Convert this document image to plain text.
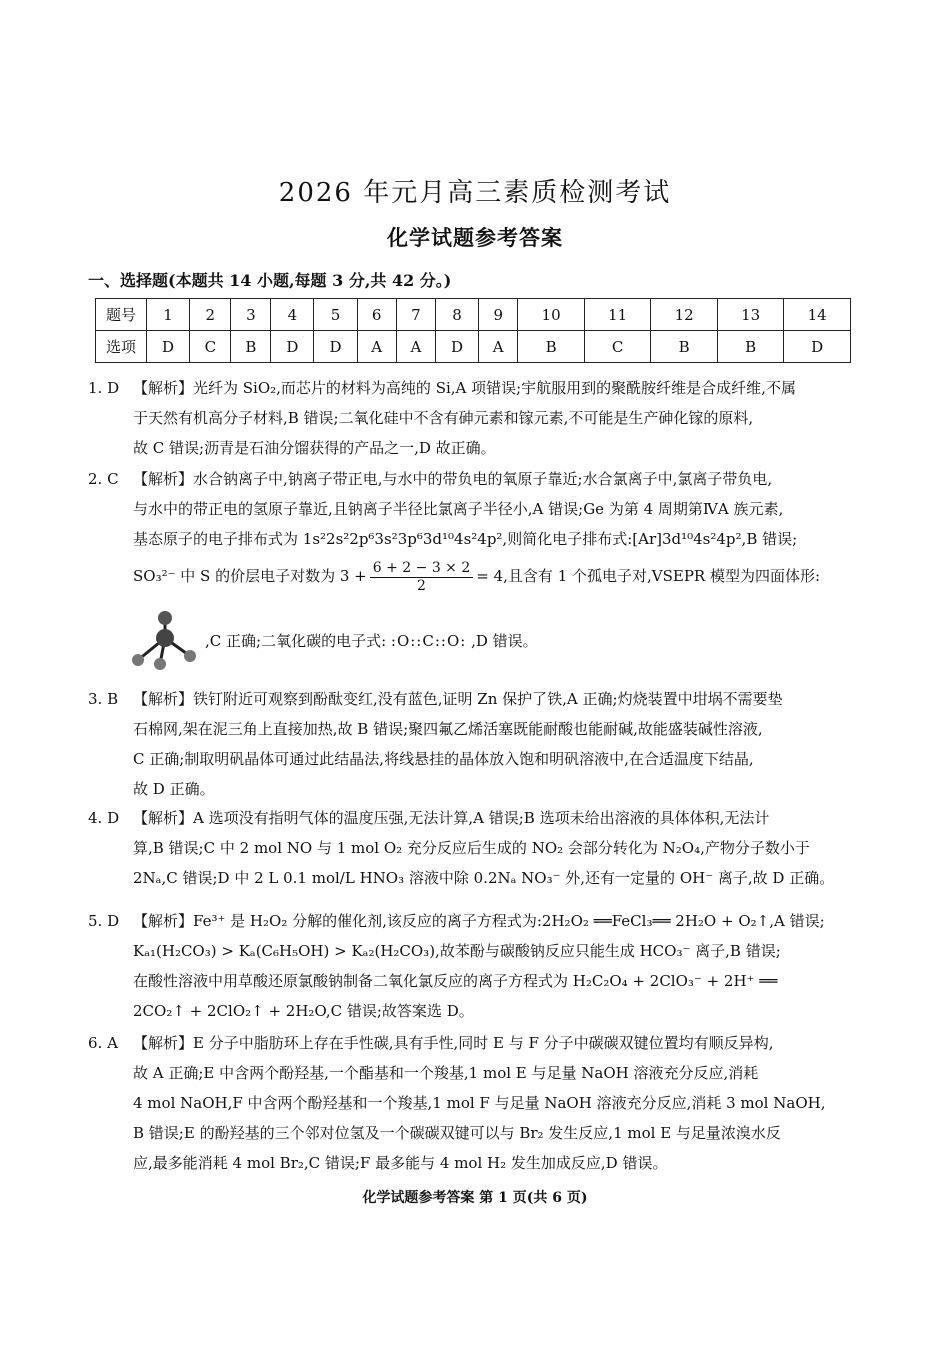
2026 年元月高三素质检测考试
化学试题参考答案
一、选择题(本题共 14 小题,每题 3 分,共 42 分。)
题号	1	2	3	4	5	6	7	8	9	10	11	12	13	14
选项	D	C	B	D	D	A	A	D	A	B	C	B	B	D
1. D 【解析】光纤为 SiO₂,而芯片的材料为高纯的 Si,A 项错误;宇航服用到的聚酰胺纤维是合成纤维,不属
于天然有机高分子材料,B 错误;二氧化硅中不含有砷元素和镓元素,不可能是生产砷化镓的原料,
故 C 错误;沥青是石油分馏获得的产品之一,D 故正确。
2. C 【解析】水合钠离子中,钠离子带正电,与水中的带负电的氧原子靠近;水合氯离子中,氯离子带负电,
与水中的带正电的氢原子靠近,且钠离子半径比氯离子半径小,A 错误;Ge 为第 4 周期第ⅣA 族元素,
基态原子的电子排布式为 1s²2s²2p⁶3s²3p⁶3d¹⁰4s²4p²,则简化电子排布式:[Ar]3d¹⁰4s²4p²,B 错误;
SO₃²⁻ 中 S 的价层电子对数为 $3 + \frac{6 + 2 - 3 \times 2}{2} = 4$,且含有 1 个孤电子对,VSEPR 模型为四面体形:
,C 正确;二氧化碳的电子式: :O::C::O: ,D 错误。
3. B 【解析】铁钉附近可观察到酚酞变红,没有蓝色,证明 Zn 保护了铁,A 正确;灼烧装置中坩埚不需要垫
石棉网,架在泥三角上直接加热,故 B 错误;聚四氟乙烯活塞既能耐酸也能耐碱,故能盛装碱性溶液,
C 正确;制取明矾晶体可通过此结晶法,将线悬挂的晶体放入饱和明矾溶液中,在合适温度下结晶,
故 D 正确。
4. D 【解析】A 选项没有指明气体的温度压强,无法计算,A 错误;B 选项未给出溶液的具体体积,无法计
算,B 错误;C 中 2 mol NO 与 1 mol O₂ 充分反应后生成的 NO₂ 会部分转化为 N₂O₄,产物分子数小于
2Nₐ,C 错误;D 中 2 L 0.1 mol/L HNO₃ 溶液中除 0.2Nₐ NO₃⁻ 外,还有一定量的 OH⁻ 离子,故 D 正确。
5. D 【解析】Fe³⁺ 是 H₂O₂ 分解的催化剂,该反应的离子方程式为:2H₂O₂ ══FeCl₃══ 2H₂O + O₂↑,A 错误;
Kₐ₁(H₂CO₃) > Kₐ(C₆H₅OH) > Kₐ₂(H₂CO₃),故苯酚与碳酸钠反应只能生成 HCO₃⁻ 离子,B 错误;
在酸性溶液中用草酸还原氯酸钠制备二氧化氯反应的离子方程式为 H₂C₂O₄ + 2ClO₃⁻ + 2H⁺ ══
2CO₂↑ + 2ClO₂↑ + 2H₂O,C 错误;故答案选 D。
6. A 【解析】E 分子中脂肪环上存在手性碳,具有手性,同时 E 与 F 分子中碳碳双键位置均有顺反异构,
故 A 正确;E 中含两个酚羟基,一个酯基和一个羧基,1 mol E 与足量 NaOH 溶液充分反应,消耗
4 mol NaOH,F 中含两个酚羟基和一个羧基,1 mol F 与足量 NaOH 溶液充分反应,消耗 3 mol NaOH,
B 错误;E 的酚羟基的三个邻对位氢及一个碳碳双键可以与 Br₂ 发生反应,1 mol E 与足量浓溴水反
应,最多能消耗 4 mol Br₂,C 错误;F 最多能与 4 mol H₂ 发生加成反应,D 错误。
化学试题参考答案 第 1 页(共 6 页)
